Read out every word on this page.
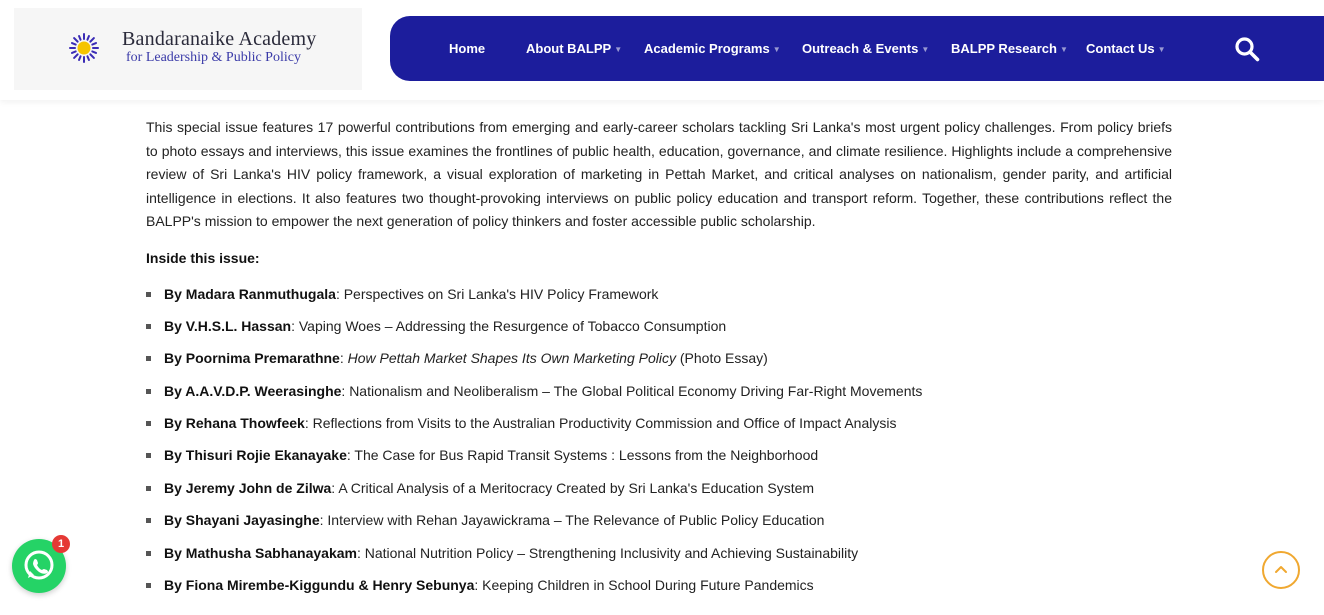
Bandaranaike Academy
for Leadership & Public Policy
Home	About BALPP ▼ Academic Programs ▼ Outreach & Events ▼ BALPP Research ▼ Contact Us ▼

This special issue features 17 powerful contributions from emerging and early-career scholars tackling Sri Lanka's most urgent policy challenges. From policy briefs to photo essays and interviews, this issue examines the frontlines of public health, education, governance, and climate resilience. Highlights include a comprehensive review of Sri Lanka's HIV policy framework, a visual exploration of marketing in Pettah Market, and critical analyses on nationalism, gender parity, and artificial intelligence in elections. It also features two thought-provoking interviews on public policy education and transport reform. Together, these contributions reflect the BALPP's mission to empower the next generation of policy thinkers and foster accessible public scholarship.

Inside this issue:

By Madara Ranmuthugala: Perspectives on Sri Lanka's HIV Policy Framework
By V.H.S.L. Hassan: Vaping Woes – Addressing the Resurgence of Tobacco Consumption
By Poornima Premarathne: How Pettah Market Shapes Its Own Marketing Policy (Photo Essay)
By A.A.V.D.P. Weerasinghe: Nationalism and Neoliberalism – The Global Political Economy Driving Far-Right Movements
By Rehana Thowfeek: Reflections from Visits to the Australian Productivity Commission and Office of Impact Analysis
By Thisuri Rojie Ekanayake: The Case for Bus Rapid Transit Systems : Lessons from the Neighborhood
By Jeremy John de Zilwa: A Critical Analysis of a Meritocracy Created by Sri Lanka's Education System
By Shayani Jayasinghe: Interview with Rehan Jayawickrama – The Relevance of Public Policy Education
By Mathusha Sabhanayakam: National Nutrition Policy – Strengthening Inclusivity and Achieving Sustainability
By Fiona Mirembe-Kiggundu & Henry Sebunya: Keeping Children in School During Future Pandemics
1
